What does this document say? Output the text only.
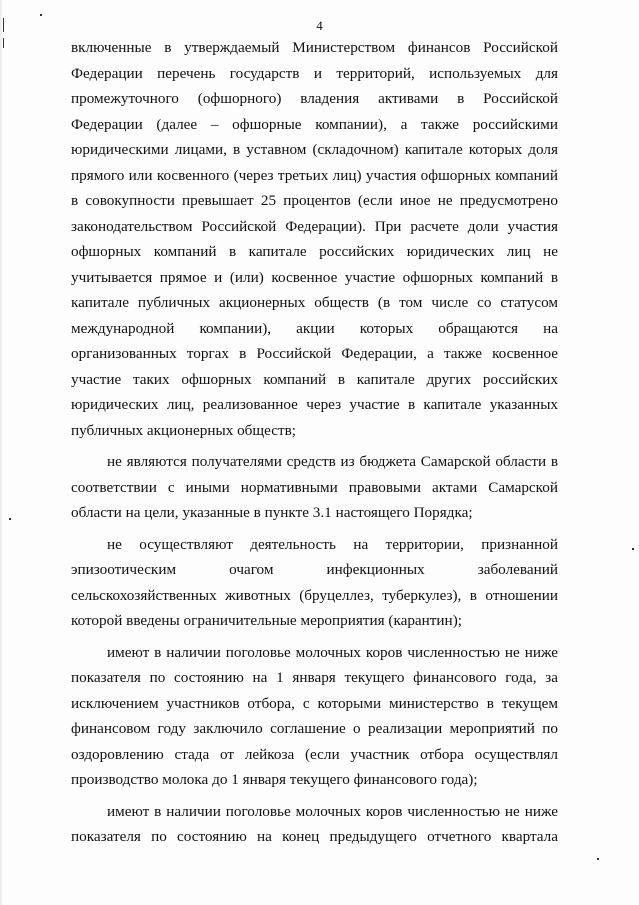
4

включенные в утверждаемый Министерством финансов Российской Федерации перечень государств и территорий, используемых для промежуточного (офшорного) владения активами в Российской Федерации (далее – офшорные компании), а также российскими юридическими лицами, в уставном (складочном) капитале которых доля прямого или косвенного (через третьих лиц) участия офшорных компаний в совокупности превышает 25 процентов (если иное не предусмотрено законодательством Российской Федерации). При расчете доли участия офшорных компаний в капитале российских юридических лиц не учитывается прямое и (или) косвенное участие офшорных компаний в капитале публичных акционерных обществ (в том числе со статусом международной компании), акции которых обращаются на организованных торгах в Российской Федерации, а также косвенное участие таких офшорных компаний в капитале других российских юридических лиц, реализованное через участие в капитале указанных публичных акционерных обществ;

не являются получателями средств из бюджета Самарской области в соответствии с иными нормативными правовыми актами Самарской области на цели, указанные в пункте 3.1 настоящего Порядка;

не осуществляют деятельность на территории, признанной эпизоотическим очагом инфекционных заболеваний сельскохозяйственных животных (бруцеллез, туберкулез), в отношении которой введены ограничительные мероприятия (карантин);

имеют в наличии поголовье молочных коров численностью не ниже показателя по состоянию на 1 января текущего финансового года, за исключением участников отбора, с которыми министерство в текущем финансовом году заключило соглашение о реализации мероприятий по оздоровлению стада от лейкоза (если участник отбора осуществлял производство молока до 1 января текущего финансового года);

имеют в наличии поголовье молочных коров численностью не ниже показателя по состоянию на конец предыдущего отчетного квартала
